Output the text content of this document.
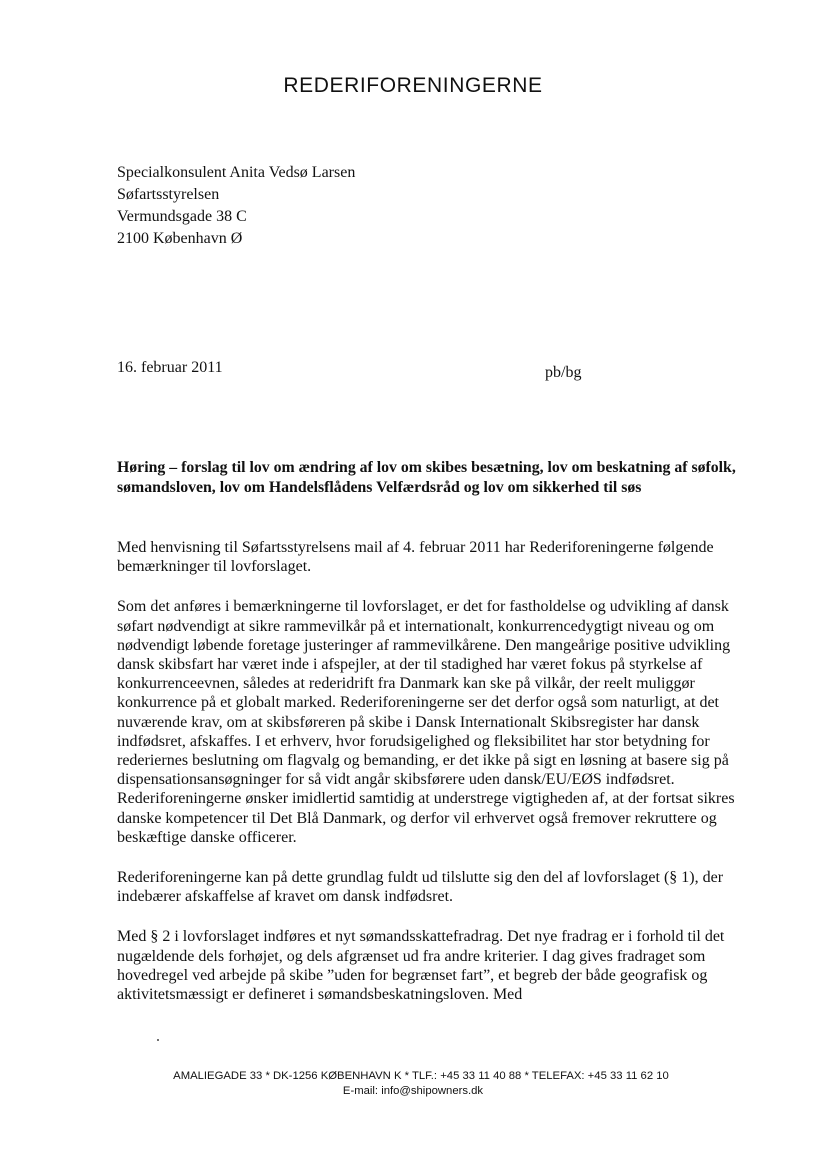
REDERIFORENINGERNE
Specialkonsulent Anita Vedsø Larsen
Søfartsstyrelsen
Vermundsgade 38 C
2100 København Ø
16. februar 2011	pb/bg
Høring – forslag til lov om ændring af lov om skibes besætning, lov om beskatning af søfolk, sømandsloven, lov om Handelsflådens Velfærdsråd og lov om sikkerhed til søs

Med henvisning til Søfartsstyrelsens mail af 4. februar 2011 har Rederiforeningerne følgende bemærkninger til lovforslaget.

Som det anføres i bemærkningerne til lovforslaget, er det for fastholdelse og udvikling af dansk søfart nødvendigt at sikre rammevilkår på et internationalt, konkurrencedygtigt niveau og om nødvendigt løbende foretage justeringer af rammevilkårene. Den mangeårige positive udvikling dansk skibsfart har været inde i afspejler, at der til stadighed har været fokus på styrkelse af konkurrenceevnen, således at rederidrift fra Danmark kan ske på vilkår, der reelt muliggør konkurrence på et globalt marked. Rederiforeningerne ser det derfor også som naturligt, at det nuværende krav, om at skibsføreren på skibe i Dansk Internationalt Skibsregister har dansk indfødsret, afskaffes. I et erhverv, hvor forudsigelighed og fleksibilitet har stor betydning for rederiernes beslutning om flagvalg og bemanding, er det ikke på sigt en løsning at basere sig på dispensationsansøgninger for så vidt angår skibsførere uden dansk/EU/EØS indfødsret. Rederiforeningerne ønsker imidlertid samtidig at understrege vigtigheden af, at der fortsat sikres danske kompetencer til Det Blå Danmark, og derfor vil erhvervet også fremover rekruttere og beskæftige danske officerer.

Rederiforeningerne kan på dette grundlag fuldt ud tilslutte sig den del af lovforslaget (§ 1), der indebærer afskaffelse af kravet om dansk indfødsret.

Med § 2 i lovforslaget indføres et nyt sømandsskattefradrag. Det nye fradrag er i forhold til det nugældende dels forhøjet, og dels afgrænset ud fra andre kriterier. I dag gives fradraget som hovedregel ved arbejde på skibe ”uden for begrænset fart”, et begreb der både geografisk og aktivitetsmæssigt er defineret i sømandsbeskatningsloven. Med

AMALIEGADE 33 * DK-1256 KØBENHAVN K * TLF.: +45 33 11 40 88 * TELEFAX: +45 33 11 62 10
E-mail: info@shipowners.dk
